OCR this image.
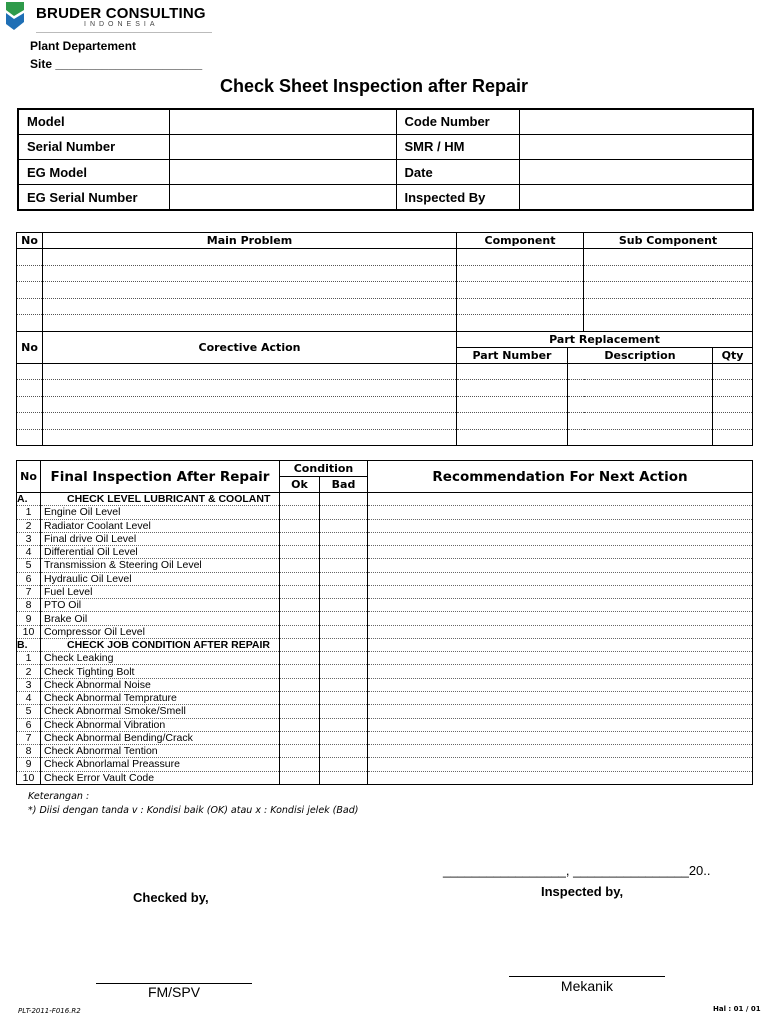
BRUDER CONSULTING
INDONESIA
Plant Departement
Site ______________________
Check Sheet Inspection after Repair
Model		Code Number	
Serial Number		SMR / HM	
EG Model		Date	
EG Serial Number		Inspected By	
No	Main Problem	Component		Sub Component	

No	Corective Action	Part Replacement			
		Part Number	Description		Qty

No	Final Inspection After Repair	Condition		Recommendation For Next Action
		Ok	Bad	
A.	CHECK LEVEL LUBRICANT & COOLANT			
1	Engine Oil Level			
2	Radiator Coolant Level			
3	Final drive Oil Level			
4	Differential Oil Level			
5	Transmission & Steering Oil Level			
6	Hydraulic Oil Level			
7	Fuel Level			
8	PTO Oil			
9	Brake Oil			
10	Compressor Oil Level			
B.	CHECK JOB CONDITION AFTER REPAIR			
1	Check Leaking			
2	Check Tighting Bolt			
3	Check Abnormal Noise			
4	Check Abnormal Temprature			
5	Check Abnormal Smoke/Smell			
6	Check Abnormal Vibration			
7	Check Abnormal Bending/Crack			
8	Check Abnormal Tention			
9	Check Abnorlamal Preassure			
10	Check Error Vault Code			
Keterangan :
*) Diisi dengan tanda v : Kondisi baik (OK) atau x : Kondisi jelek (Bad)
_________________, ________________20..
Inspected by,
Checked by,
FM/SPV	Mekanik
PLT-2011-F016.R2	Hal : 01 / 01
